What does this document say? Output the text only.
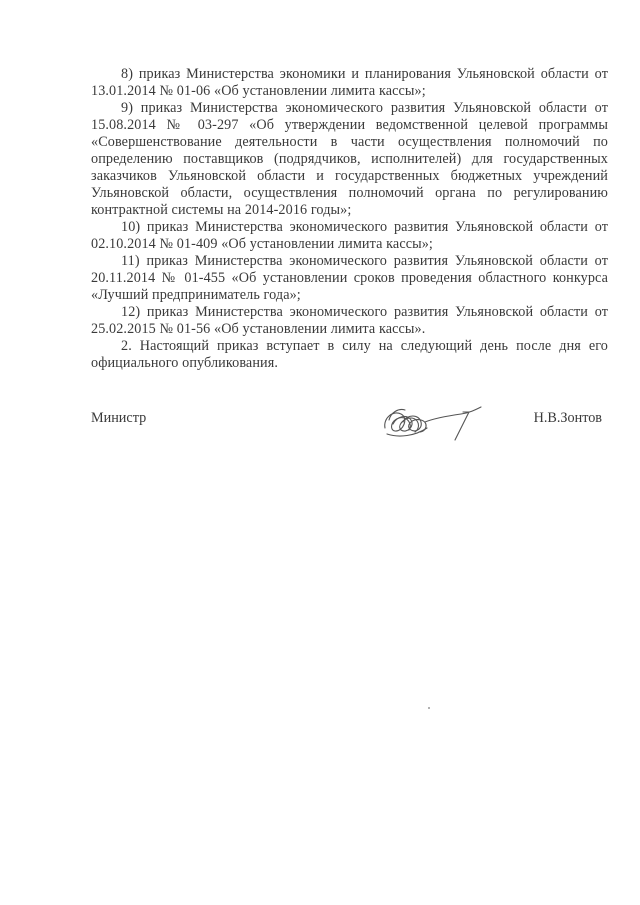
8) приказ Министерства экономики и планирования Ульяновской области от 13.01.2014 № 01-06 «Об установлении лимита кассы»;

9) приказ Министерства экономического развития Ульяновской области от 15.08.2014 № 03-297 «Об утверждении ведомственной целевой программы «Совершенствование деятельности в части осуществления полномочий по определению поставщиков (подрядчиков, исполнителей) для государственных заказчиков Ульяновской области и государственных бюджетных учреждений Ульяновской области, осуществления полномочий органа по регулированию контрактной системы на 2014-2016 годы»;

10) приказ Министерства экономического развития Ульяновской области от 02.10.2014 № 01-409 «Об установлении лимита кассы»;

11) приказ Министерства экономического развития Ульяновской области от 20.11.2014 № 01-455 «Об установлении сроков проведения областного конкурса «Лучший предприниматель года»;

12) приказ Министерства экономического развития Ульяновской области от 25.02.2015 № 01-56 «Об установлении лимита кассы».

2. Настоящий приказ вступает в силу на следующий день после дня его официального опубликования.

Министр	Н.В.Зонтов
